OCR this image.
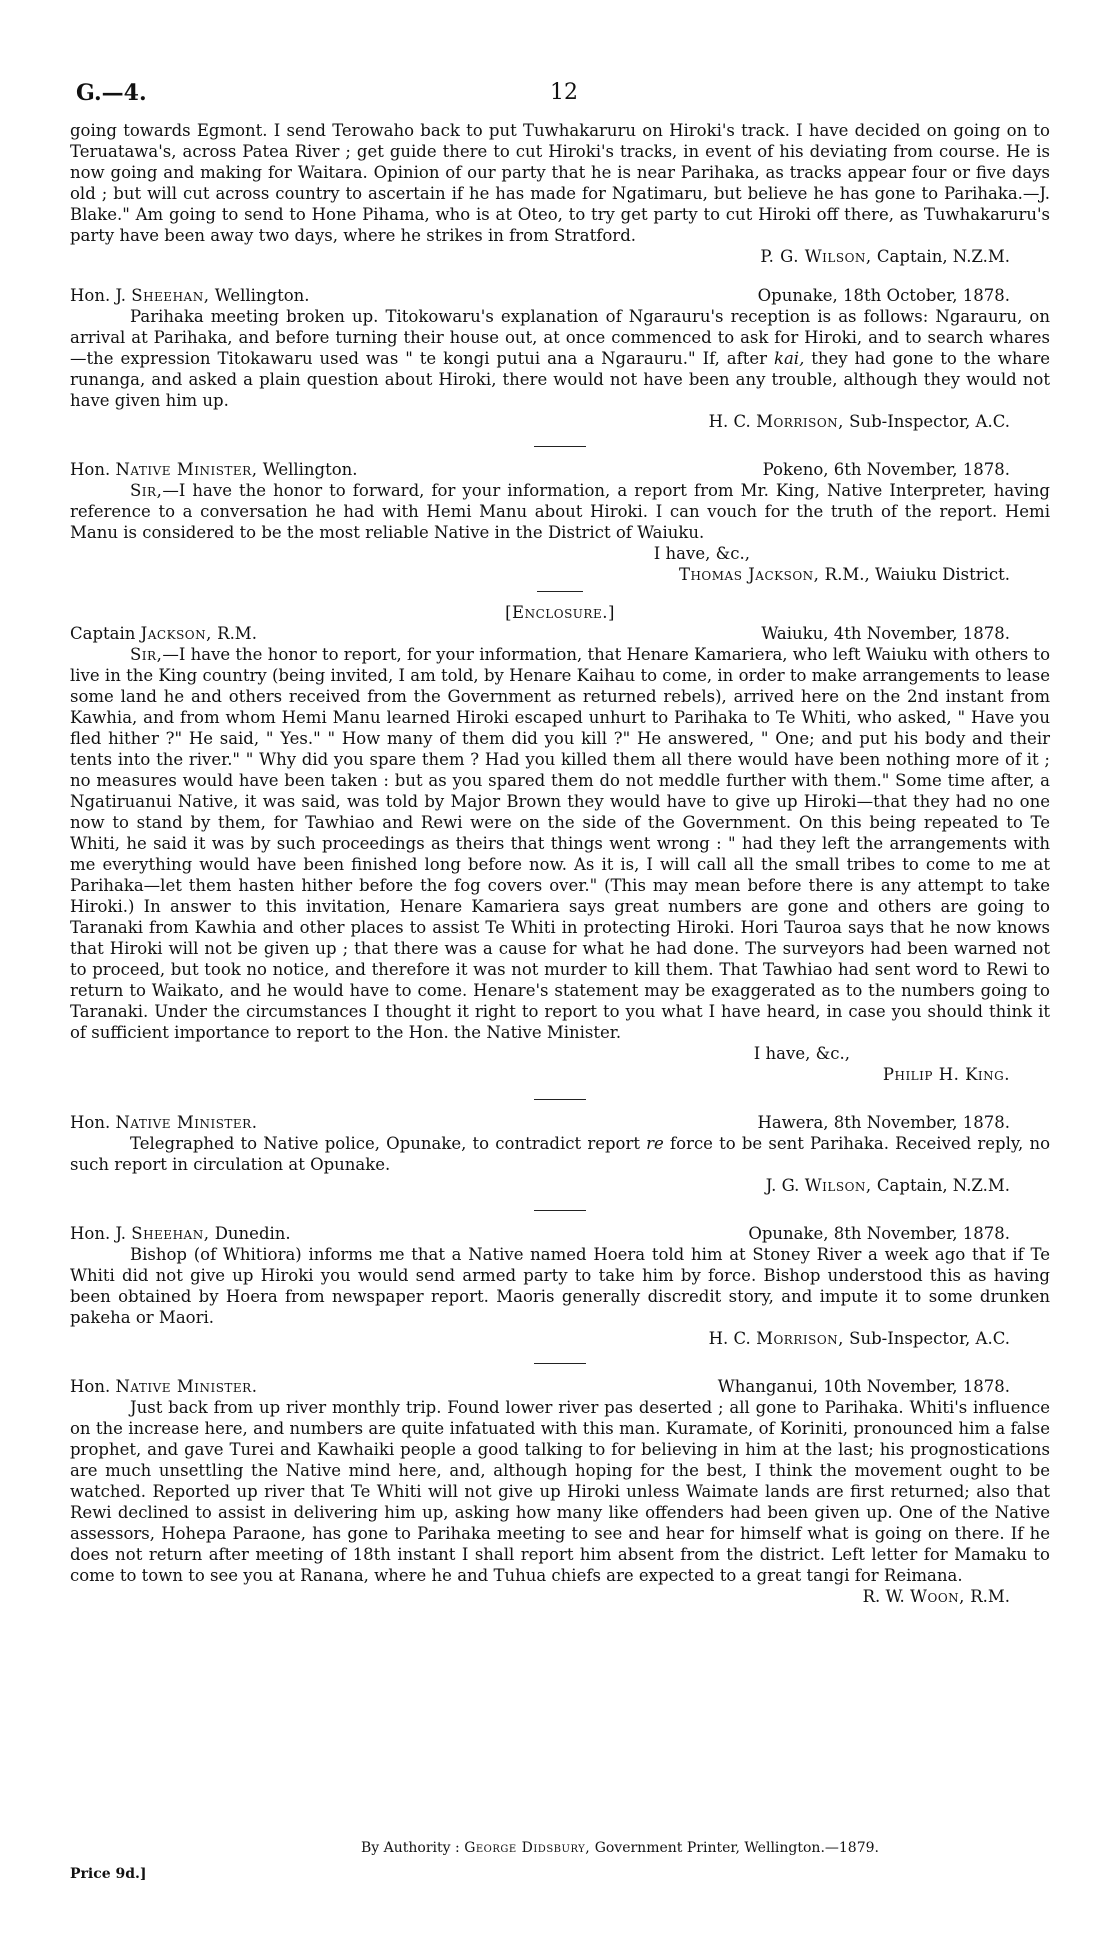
G.—4.	12

going towards Egmont. I send Terowaho back to put Tuwhakaruru on Hiroki's track. I have decided on going on to Teruatawa's, across Patea River ; get guide there to cut Hiroki's tracks, in event of his deviating from course. He is now going and making for Waitara. Opinion of our party that he is near Parihaka, as tracks appear four or five days old ; but will cut across country to ascertain if he has made for Ngatimaru, but believe he has gone to Parihaka.—J. Blake." Am going to send to Hone Pihama, who is at Oteo, to try get party to cut Hiroki off there, as Tuwhakaruru's party have been away two days, where he strikes in from Stratford.

P. G. Wilson, Captain, N.Z.M.
Hon. J. Sheehan, Wellington.	Opunake, 18th October, 1878.

Parihaka meeting broken up. Titokowaru's explanation of Ngarauru's reception is as follows: Ngarauru, on arrival at Parihaka, and before turning their house out, at once commenced to ask for Hiroki, and to search whares—the expression Titokawaru used was " te kongi putui ana a Ngarauru." If, after kai, they had gone to the whare runanga, and asked a plain question about Hiroki, there would not have been any trouble, although they would not have given him up.

H. C. Morrison, Sub-Inspector, A.C.
Hon. Native Minister, Wellington.	Pokeno, 6th November, 1878.

Sir,—I have the honor to forward, for your information, a report from Mr. King, Native Interpreter, having reference to a conversation he had with Hemi Manu about Hiroki. I can vouch for the truth of the report. Hemi Manu is considered to be the most reliable Native in the District of Waiuku.

I have, &c.,
Thomas Jackson, R.M., Waiuku District.
[Enclosure.]
Captain Jackson, R.M.	Waiuku, 4th November, 1878.

Sir,—I have the honor to report, for your information, that Henare Kamariera, who left Waiuku with others to live in the King country (being invited, I am told, by Henare Kaihau to come, in order to make arrangements to lease some land he and others received from the Government as returned rebels), arrived here on the 2nd instant from Kawhia, and from whom Hemi Manu learned Hiroki escaped unhurt to Parihaka to Te Whiti, who asked, " Have you fled hither ?" He said, " Yes." " How many of them did you kill ?" He answered, " One; and put his body and their tents into the river." " Why did you spare them ? Had you killed them all there would have been nothing more of it ; no measures would have been taken : but as you spared them do not meddle further with them." Some time after, a Ngatiruanui Native, it was said, was told by Major Brown they would have to give up Hiroki—that they had no one now to stand by them, for Tawhiao and Rewi were on the side of the Government. On this being repeated to Te Whiti, he said it was by such proceedings as theirs that things went wrong : " had they left the arrangements with me everything would have been finished long before now. As it is, I will call all the small tribes to come to me at Parihaka—let them hasten hither before the fog covers over." (This may mean before there is any attempt to take Hiroki.) In answer to this invitation, Henare Kamariera says great numbers are gone and others are going to Taranaki from Kawhia and other places to assist Te Whiti in protecting Hiroki. Hori Tauroa says that he now knows that Hiroki will not be given up ; that there was a cause for what he had done. The surveyors had been warned not to proceed, but took no notice, and therefore it was not murder to kill them. That Tawhiao had sent word to Rewi to return to Waikato, and he would have to come. Henare's statement may be exaggerated as to the numbers going to Taranaki. Under the circumstances I thought it right to report to you what I have heard, in case you should think it of sufficient importance to report to the Hon. the Native Minister.

I have, &c.,
Philip H. King.
Hon. Native Minister.	Hawera, 8th November, 1878.

Telegraphed to Native police, Opunake, to contradict report re force to be sent Parihaka. Received reply, no such report in circulation at Opunake.

J. G. Wilson, Captain, N.Z.M.
Hon. J. Sheehan, Dunedin.	Opunake, 8th November, 1878.

Bishop (of Whitiora) informs me that a Native named Hoera told him at Stoney River a week ago that if Te Whiti did not give up Hiroki you would send armed party to take him by force. Bishop understood this as having been obtained by Hoera from newspaper report. Maoris generally discredit story, and impute it to some drunken pakeha or Maori.

H. C. Morrison, Sub-Inspector, A.C.
Hon. Native Minister.	Whanganui, 10th November, 1878.

Just back from up river monthly trip. Found lower river pas deserted ; all gone to Parihaka. Whiti's influence on the increase here, and numbers are quite infatuated with this man. Kuramate, of Koriniti, pronounced him a false prophet, and gave Turei and Kawhaiki people a good talking to for believing in him at the last; his prognostications are much unsettling the Native mind here, and, although hoping for the best, I think the movement ought to be watched. Reported up river that Te Whiti will not give up Hiroki unless Waimate lands are first returned; also that Rewi declined to assist in delivering him up, asking how many like offenders had been given up. One of the Native assessors, Hohepa Paraone, has gone to Parihaka meeting to see and hear for himself what is going on there. If he does not return after meeting of 18th instant I shall report him absent from the district. Left letter for Mamaku to come to town to see you at Ranana, where he and Tuhua chiefs are expected to a great tangi for Reimana.

R. W. Woon, R.M.
By Authority : George Didsbury, Government Printer, Wellington.—1879.
Price 9d.]
